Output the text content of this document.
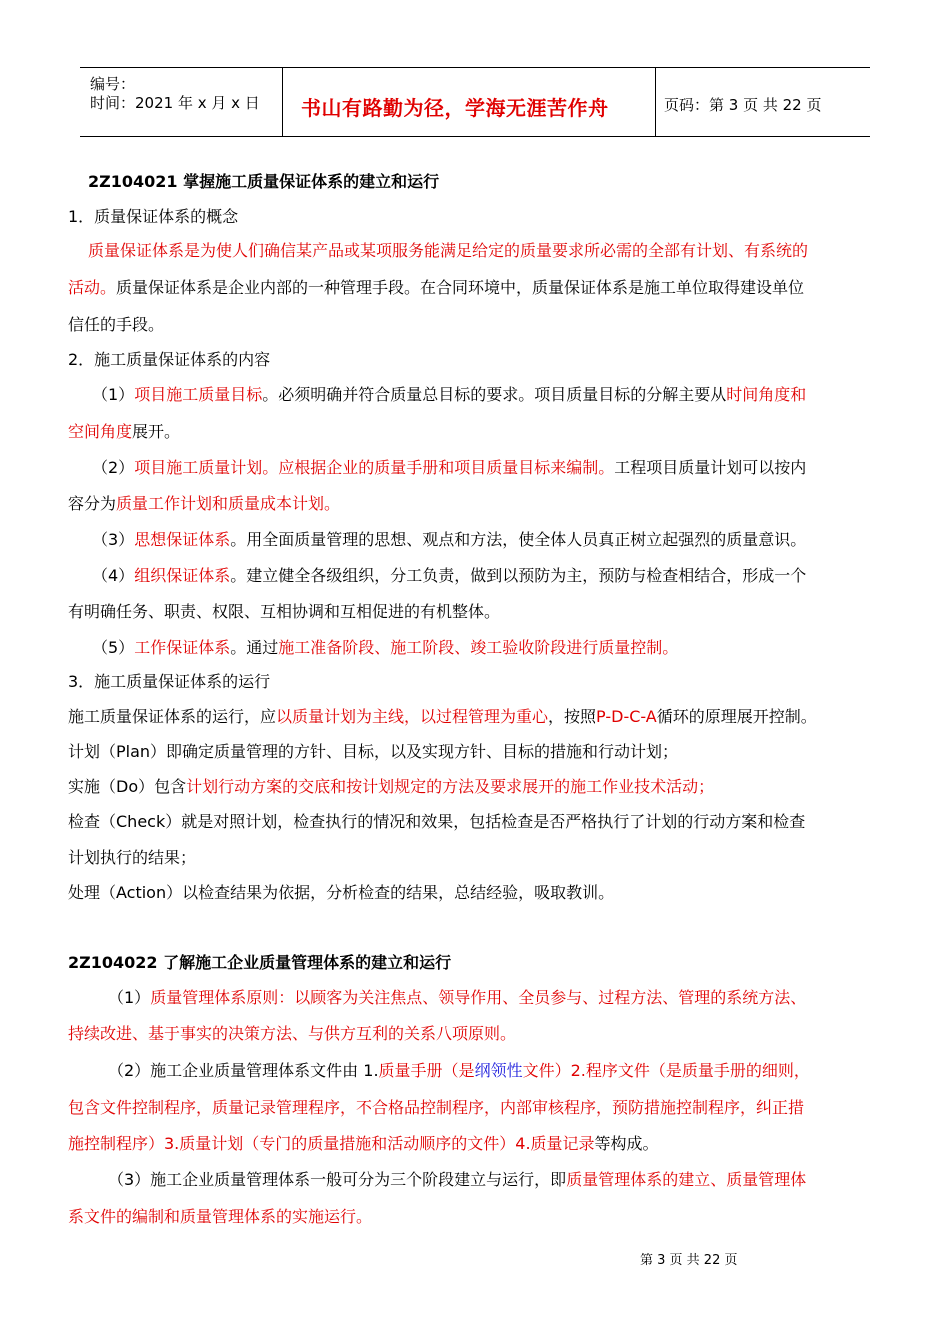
编号：
时间：2021 年 x 月 x 日 书山有路勤为径，学海无涯苦作舟	页码：第 3 页 共 22 页
2Z104021 掌握施工质量保证体系的建立和运行
1．质量保证体系的概念
质量保证体系是为使人们确信某产品或某项服务能满足给定的质量要求所必需的全部有计划、有系统的
活动。质量保证体系是企业内部的一种管理手段。在合同环境中，质量保证体系是施工单位取得建设单位
信任的手段。
2．施工质量保证体系的内容
（1）项目施工质量目标。必须明确并符合质量总目标的要求。项目质量目标的分解主要从时间角度和
空间角度展开。
（2）项目施工质量计划。应根据企业的质量手册和项目质量目标来编制。工程项目质量计划可以按内
容分为质量工作计划和质量成本计划。
（3）思想保证体系。用全面质量管理的思想、观点和方法，使全体人员真正树立起强烈的质量意识。
（4）组织保证体系。建立健全各级组织，分工负责，做到以预防为主，预防与检查相结合，形成一个
有明确任务、职责、权限、互相协调和互相促进的有机整体。
（5）工作保证体系。通过施工准备阶段、施工阶段、竣工验收阶段进行质量控制。
3．施工质量保证体系的运行
施工质量保证体系的运行，应以质量计划为主线，以过程管理为重心，按照P-D-C-A循环的原理展开控制。
计划（Plan）即确定质量管理的方针、目标，以及实现方针、目标的措施和行动计划；
实施（Do）包含计划行动方案的交底和按计划规定的方法及要求展开的施工作业技术活动；
检查（Check）就是对照计划，检查执行的情况和效果，包括检查是否严格执行了计划的行动方案和检查
计划执行的结果；
处理（Action）以检查结果为依据，分析检查的结果，总结经验，吸取教训。
2Z104022 了解施工企业质量管理体系的建立和运行
（1）质量管理体系原则：以顾客为关注焦点、领导作用、全员参与、过程方法、管理的系统方法、
持续改进、基于事实的决策方法、与供方互利的关系八项原则。
（2）施工企业质量管理体系文件由 1.质量手册（是纲领性文件）2.程序文件（是质量手册的细则，
包含文件控制程序，质量记录管理程序，不合格品控制程序，内部审核程序，预防措施控制程序，纠正措
施控制程序）3.质量计划（专门的质量措施和活动顺序的文件）4.质量记录等构成。
（3）施工企业质量管理体系一般可分为三个阶段建立与运行，即质量管理体系的建立、质量管理体
系文件的编制和质量管理体系的实施运行。
第 3 页 共 22 页
